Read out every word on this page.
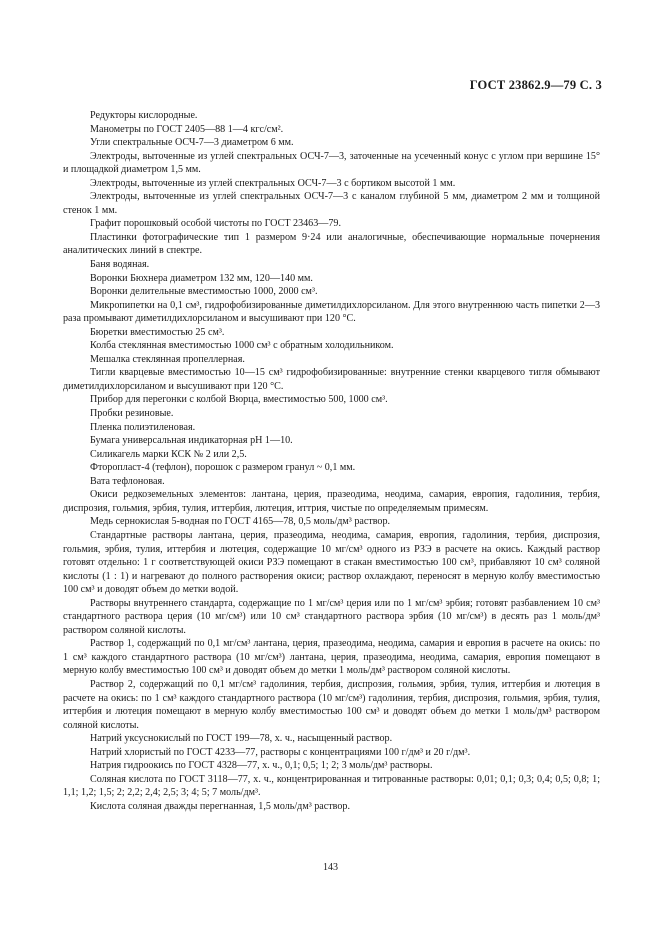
ГОСТ 23862.9—79 С. 3

Редукторы кислородные.

Манометры по ГОСТ 2405—88 1—4 кгс/см².

Угли спектральные ОСЧ-7—3 диаметром 6 мм.

Электроды, выточенные из углей спектральных ОСЧ-7—3, заточенные на усеченный конус с углом при вершине 15° и площадкой диаметром 1,5 мм.

Электроды, выточенные из углей спектральных ОСЧ-7—3 с бортиком высотой 1 мм.

Электроды, выточенные из углей спектральных ОСЧ-7—3 с каналом глубиной 5 мм, диаметром 2 мм и толщиной стенок 1 мм.

Графит порошковый особой чистоты по ГОСТ 23463—79.

Пластинки фотографические тип 1 размером 9·24 или аналогичные, обеспечивающие нормальные почернения аналитических линий в спектре.

Баня водяная.

Воронки Бюхнера диаметром 132 мм, 120—140 мм.

Воронки делительные вместимостью 1000, 2000 см³.

Микропипетки на 0,1 см³, гидрофобизированные диметилдихлорсиланом. Для этого внутреннюю часть пипетки 2—3 раза промывают диметилдихлорсиланом и высушивают при 120 °С.

Бюретки вместимостью 25 см³.

Колба стеклянная вместимостью 1000 см³ с обратным холодильником.

Мешалка стеклянная пропеллерная.

Тигли кварцевые вместимостью 10—15 см³ гидрофобизированные: внутренние стенки кварцевого тигля обмывают диметилдихлорсиланом и высушивают при 120 °С.

Прибор для перегонки с колбой Вюрца, вместимостью 500, 1000 см³.

Пробки резиновые.

Пленка полиэтиленовая.

Бумага универсальная индикаторная pH 1—10.

Силикагель марки КСК № 2 или 2,5.

Фторопласт-4 (тефлон), порошок с размером гранул ~ 0,1 мм.

Вата тефлоновая.

Окиси редкоземельных элементов: лантана, церия, празеодима, неодима, самария, европия, гадолиния, тербия, диспрозия, гольмия, эрбия, тулия, иттербия, лютеция, иттрия, чистые по определяемым примесям.

Медь сернокислая 5-водная по ГОСТ 4165—78, 0,5 моль/дм³ раствор.

Стандартные растворы лантана, церия, празеодима, неодима, самария, европия, гадолиния, тербия, диспрозия, гольмия, эрбия, тулия, иттербия и лютеция, содержащие 10 мг/см³ одного из РЗЭ в расчете на окись. Каждый раствор готовят отдельно: 1 г соответствующей окиси РЗЭ помещают в стакан вместимостью 100 см³, прибавляют 10 см³ соляной кислоты (1 : 1) и нагревают до полного растворения окиси; раствор охлаждают, переносят в мерную колбу вместимостью 100 см³ и доводят объем до метки водой.

Растворы внутреннего стандарта, содержащие по 1 мг/см³ церия или по 1 мг/см³ эрбия; готовят разбавлением 10 см³ стандартного раствора церия (10 мг/см³) или 10 см³ стандартного раствора эрбия (10 мг/см³) в десять раз 1 моль/дм³ раствором соляной кислоты.

Раствор 1, содержащий по 0,1 мг/см³ лантана, церия, празеодима, неодима, самария и европия в расчете на окись: по 1 см³ каждого стандартного раствора (10 мг/см³) лантана, церия, празеодима, неодима, самария, европия помещают в мерную колбу вместимостью 100 см³ и доводят объем до метки 1 моль/дм³ раствором соляной кислоты.

Раствор 2, содержащий по 0,1 мг/см³ гадолиния, тербия, диспрозия, гольмия, эрбия, тулия, иттербия и лютеция в расчете на окись: по 1 см³ каждого стандартного раствора (10 мг/см³) гадолиния, тербия, диспрозия, гольмия, эрбия, тулия, иттербия и лютеция помещают в мерную колбу вместимостью 100 см³ и доводят объем до метки 1 моль/дм³ раствором соляной кислоты.

Натрий уксуснокислый по ГОСТ 199—78, х. ч., насыщенный раствор.

Натрий хлористый по ГОСТ 4233—77, растворы с концентрациями 100 г/дм³ и 20 г/дм³.

Натрия гидроокись по ГОСТ 4328—77, х. ч., 0,1; 0,5; 1; 2; 3 моль/дм³ растворы.

Соляная кислота по ГОСТ 3118—77, х. ч., концентрированная и титрованные растворы: 0,01; 0,1; 0,3; 0,4; 0,5; 0,8; 1; 1,1; 1,2; 1,5; 2; 2,2; 2,4; 2,5; 3; 4; 5; 7 моль/дм³.

Кислота соляная дважды перегнанная, 1,5 моль/дм³ раствор.

143
